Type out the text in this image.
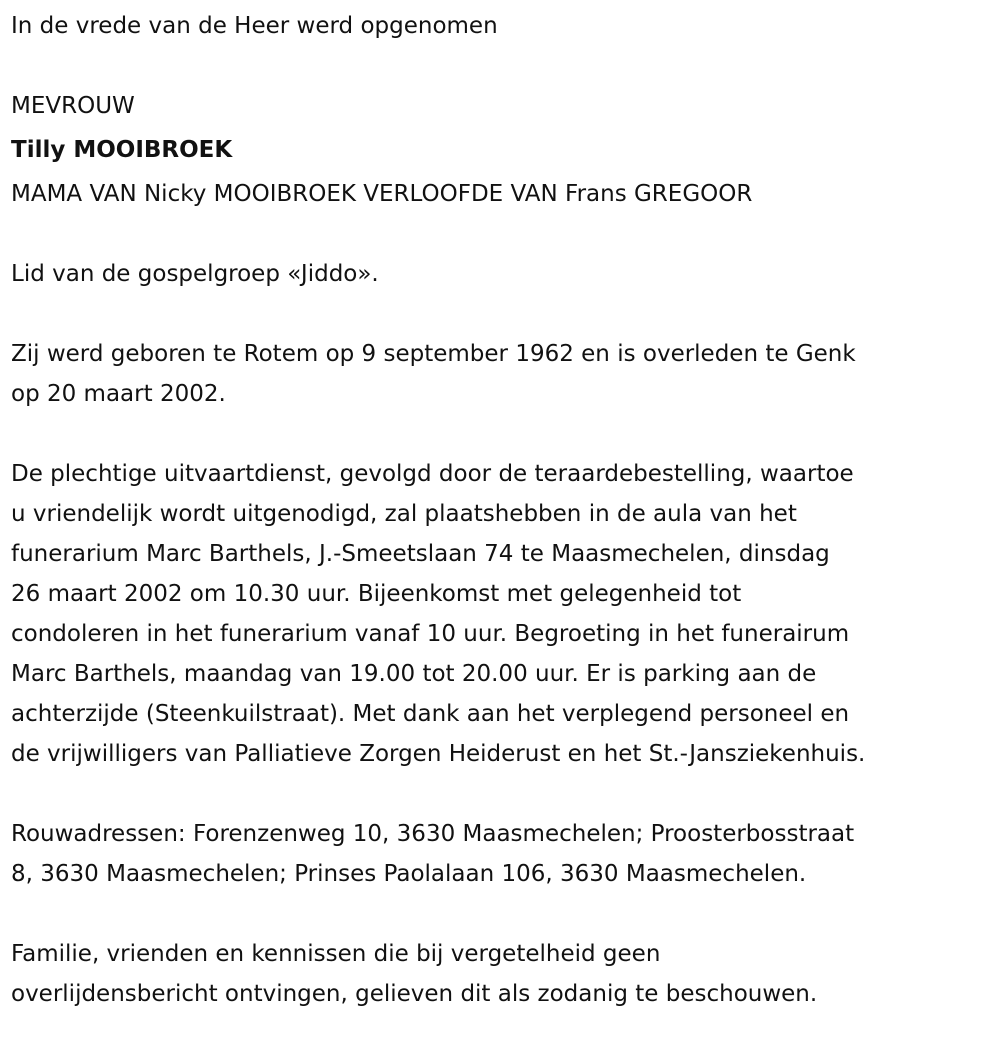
In de vrede van de Heer werd opgenomen
MEVROUW
Tilly MOOIBROEK
MAMA VAN Nicky MOOIBROEK VERLOOFDE VAN Frans GREGOOR
Lid van de gospelgroep «Jiddo».
Zij werd geboren te Rotem op 9 september 1962 en is overleden te Genk
op 20 maart 2002.
De plechtige uitvaartdienst, gevolgd door de teraardebestelling, waartoe
u vriendelijk wordt uitgenodigd, zal plaatshebben in de aula van het
funerarium Marc Barthels, J.-Smeetslaan 74 te Maasmechelen, dinsdag
26 maart 2002 om 10.30 uur. Bijeenkomst met gelegenheid tot
condoleren in het funerarium vanaf 10 uur. Begroeting in het funerairum
Marc Barthels, maandag van 19.00 tot 20.00 uur. Er is parking aan de
achterzijde (Steenkuilstraat). Met dank aan het verplegend personeel en
de vrijwilligers van Palliatieve Zorgen Heiderust en het St.-Jansziekenhuis.
Rouwadressen: Forenzenweg 10, 3630 Maasmechelen; Proosterbosstraat
8, 3630 Maasmechelen; Prinses Paolalaan 106, 3630 Maasmechelen.
Familie, vrienden en kennissen die bij vergetelheid geen
overlijdensbericht ontvingen, gelieven dit als zodanig te beschouwen.
